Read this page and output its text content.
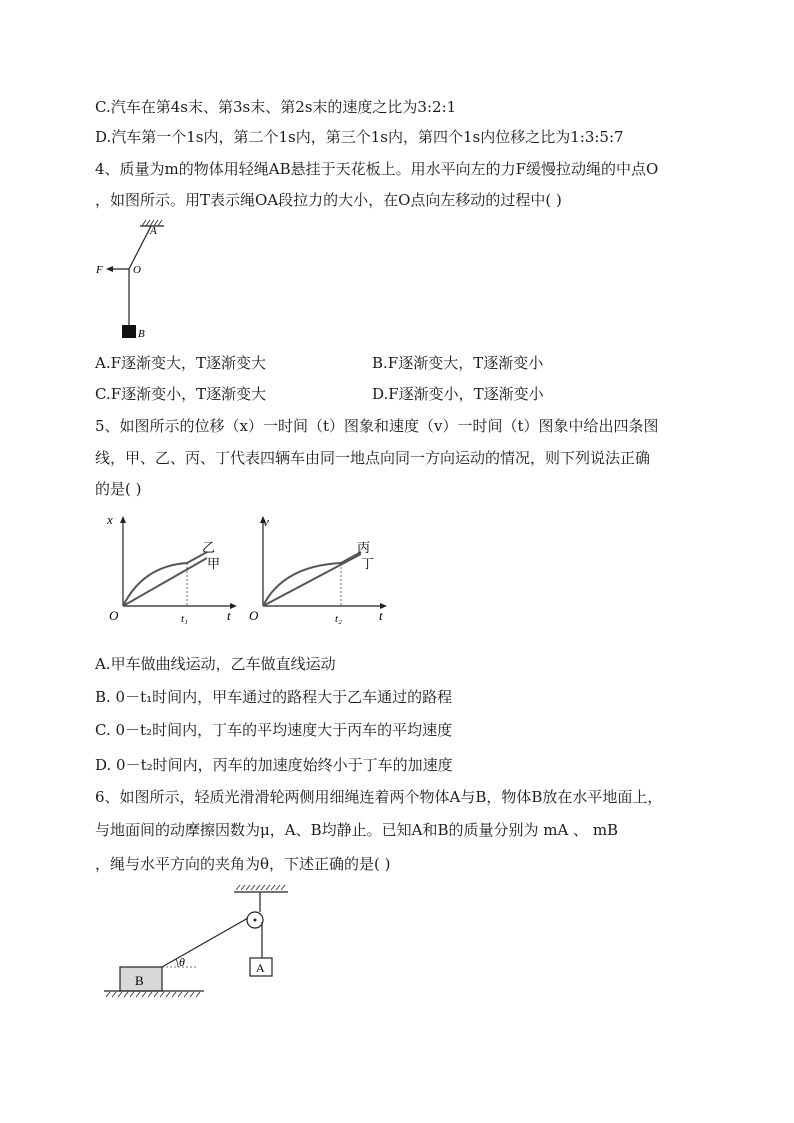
C.汽车在第4s末、第3s末、第2s末的速度之比为3:2:1
D.汽车第一个1s内，第二个1s内，第三个1s内，第四个1s内位移之比为1:3:5:7
4、质量为m的物体用轻绳AB悬挂于天花板上。用水平向左的力F缓慢拉动绳的中点O
，如图所示。用T表示绳OA段拉力的大小，在O点向左移动的过程中( )
A
F	O
B
A.F逐渐变大，T逐渐变大	B.F逐渐变大，T逐渐变小
C.F逐渐变小，T逐渐变大	D.F逐渐变小，T逐渐变小
5、如图所示的位移（x）一时间（t）图象和速度（v）一时间（t）图象中给出四条图
线，甲、乙、丙、丁代表四辆车由同一地点向同一方向运动的情况，则下列说法正确
的是( )
x
t
O	t₁
乙
甲
v
t
O	t₂
丙
丁
A.甲车做曲线运动，乙车做直线运动
B. 0－t₁时间内，甲车通过的路程大于乙车通过的路程
C. 0－t₂时间内，丁车的平均速度大于丙车的平均速度
D. 0－t₂时间内，丙车的加速度始终小于丁车的加速度
6、如图所示，轻质光滑滑轮两侧用细绳连着两个物体A与B，物体B放在水平地面上，
与地面间的动摩擦因数为μ，A、B均静止。已知A和B的质量分别为 mA 、 mB
，绳与水平方向的夹角为θ，下述正确的是( )
B
A
θ
